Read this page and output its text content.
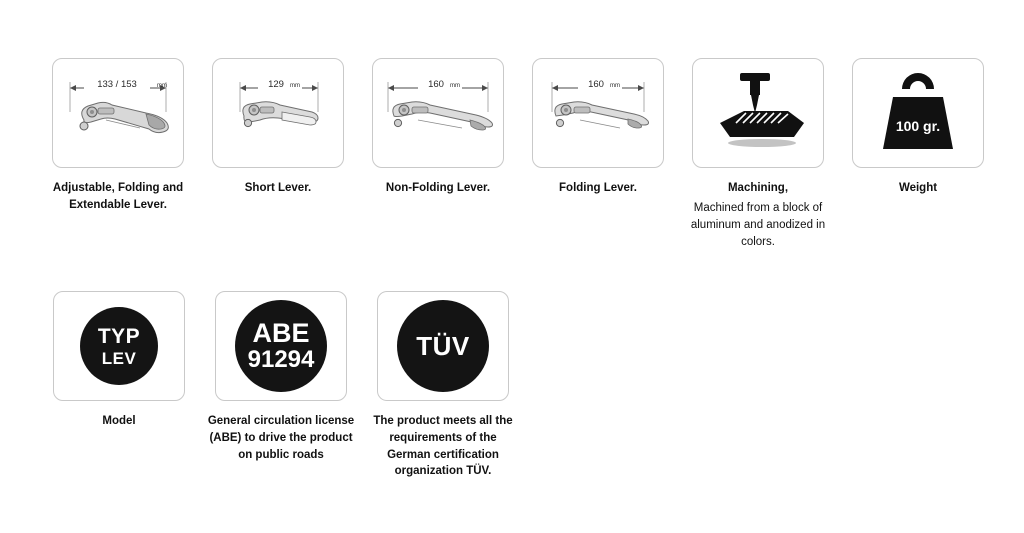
133 / 153	mm
Adjustable, Folding and Extendable Lever.
129 mm
Short Lever.
160 mm
Non-Folding Lever.
160 mm
Folding Lever.	Machining,
Machined from a block of aluminum and anodized in colors.
100 gr.
Weight
TYP
LEV
Model
ABE
91294
General circulation license (ABE) to drive the product on public roads
TÜV
The product meets all the requirements of the German certification organization TÜV.
